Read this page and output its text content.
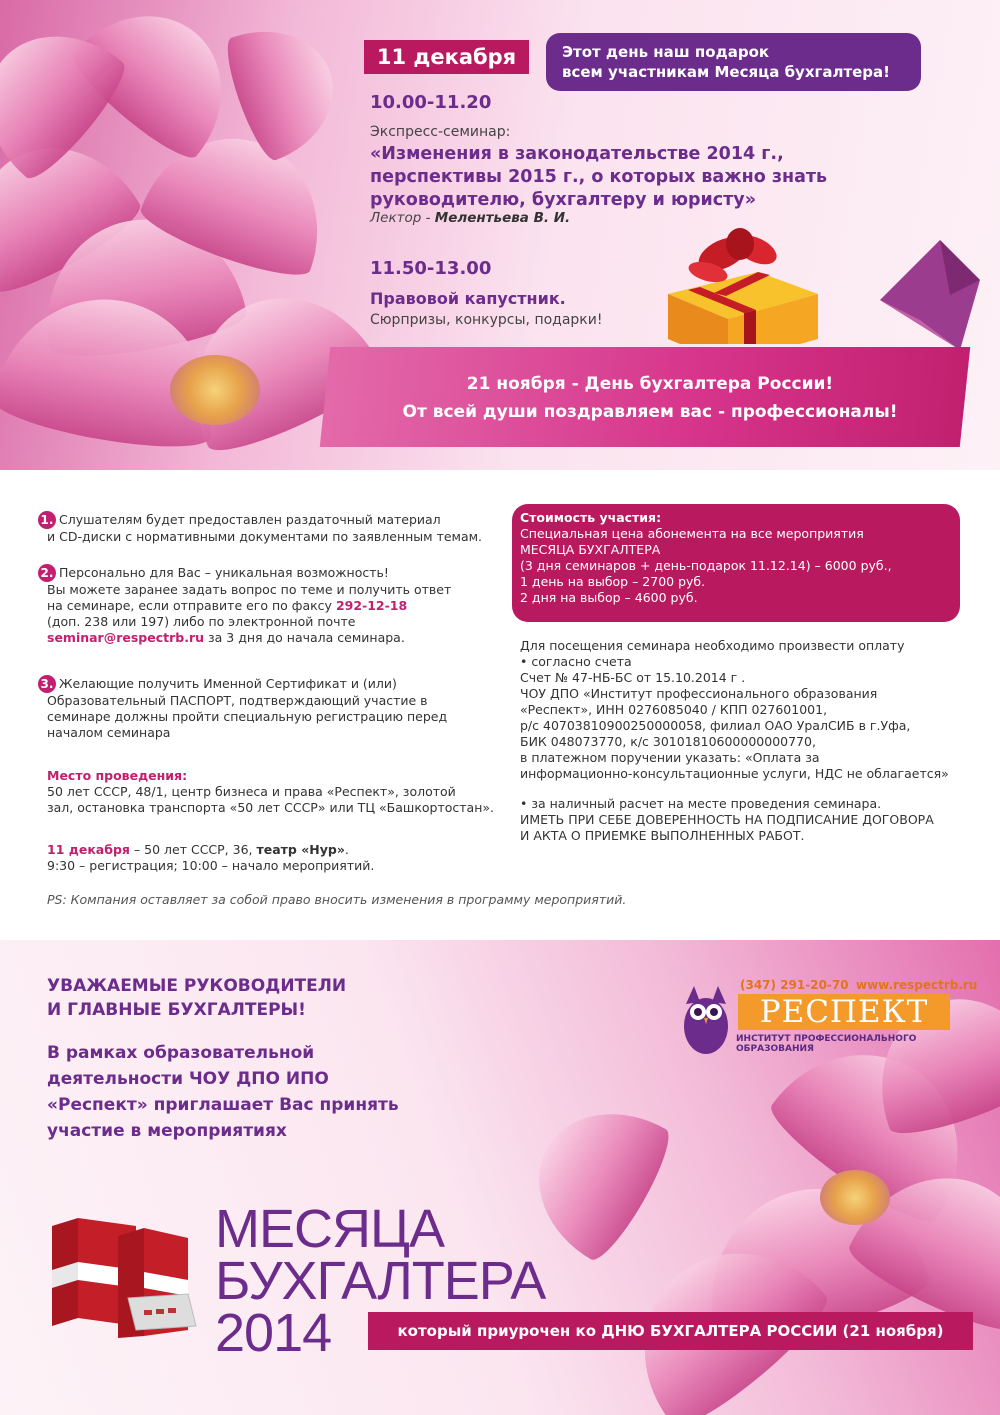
11 декабря	Этот день наш подарок
всем участникам Месяца бухгалтера!
10.00-11.20
Экспресс-семинар:
«Изменения в законодательстве 2014 г., перспективы 2015 г., о которых важно знать руководителю, бухгалтеру и юристу»
Лектор - Мелентьева В. И.
11.50-13.00
Правовой капустник.
Сюрпризы, конкурсы, подарки!
21 ноября - День бухгалтера России!
От всей души поздравляем вас - профессионалы!
1. Слушателям будет предоставлен раздаточный материал
и CD-диски с нормативными документами по заявленным темам.
2. Персонально для Вас – уникальная возможность!
Вы можете заранее задать вопрос по теме и получить ответ
на семинаре, если отправите его по факсу 292-12-18
(доп. 238 или 197) либо по электронной почте
seminar@respectrb.ru за 3 дня до начала семинара.
3. Желающие получить Именной Сертификат и (или)
Образовательный ПАСПОРТ, подтверждающий участие в
семинаре должны пройти специальную регистрацию перед
началом семинара
Место проведения:
50 лет СССР, 48/1, центр бизнеса и права «Респект», золотой
зал, остановка транспорта «50 лет СССР» или ТЦ «Башкортостан».
11 декабря – 50 лет СССР, 36, театр «Нур».
9:30 – регистрация; 10:00 – начало мероприятий.
Стоимость участия:
Специальная цена абонемента на все мероприятия
МЕСЯЦА БУХГАЛТЕРА
(3 дня семинаров + день-подарок 11.12.14) – 6000 руб.,
1 день на выбор – 2700 руб.
2 дня на выбор – 4600 руб.
Для посещения семинара необходимо произвести оплату
• согласно счета
Счет № 47-НБ-БС от 15.10.2014 г .
ЧОУ ДПО «Институт профессионального образования
«Респект», ИНН 0276085040 / КПП 027601001,
р/с 40703810900250000058, филиал ОАО УралСИБ в г.Уфа,
БИК 048073770, к/с 30101810600000000770,
в платежном поручении указать: «Оплата за
информационно-консультационные услуги, НДС не облагается»
• за наличный расчет на месте проведения семинара.
ИМЕТЬ ПРИ СЕБЕ ДОВЕРЕННОСТЬ НА ПОДПИСАНИЕ ДОГОВОРА
И АКТА О ПРИЕМКЕ ВЫПОЛНЕННЫХ РАБОТ.
PS: Компания оставляет за собой право вносить изменения в программу мероприятий.
УВАЖАЕМЫЕ РУКОВОДИТЕЛИ
И ГЛАВНЫЕ БУХГАЛТЕРЫ!
В рамках образовательной
деятельности ЧОУ ДПО ИПО
«Респект» приглашает Вас принять
участие в мероприятиях
(347) 291-20-70 www.respectrb.ru
РЕСПЕКТ
ИНСТИТУТ ПРОФЕССИОНАЛЬНОГО ОБРАЗОВАНИЯ
МЕСЯЦА
БУХГАЛТЕРА
2014	который приурочен ко ДНЮ БУХГАЛТЕРА РОССИИ (21 ноября)
